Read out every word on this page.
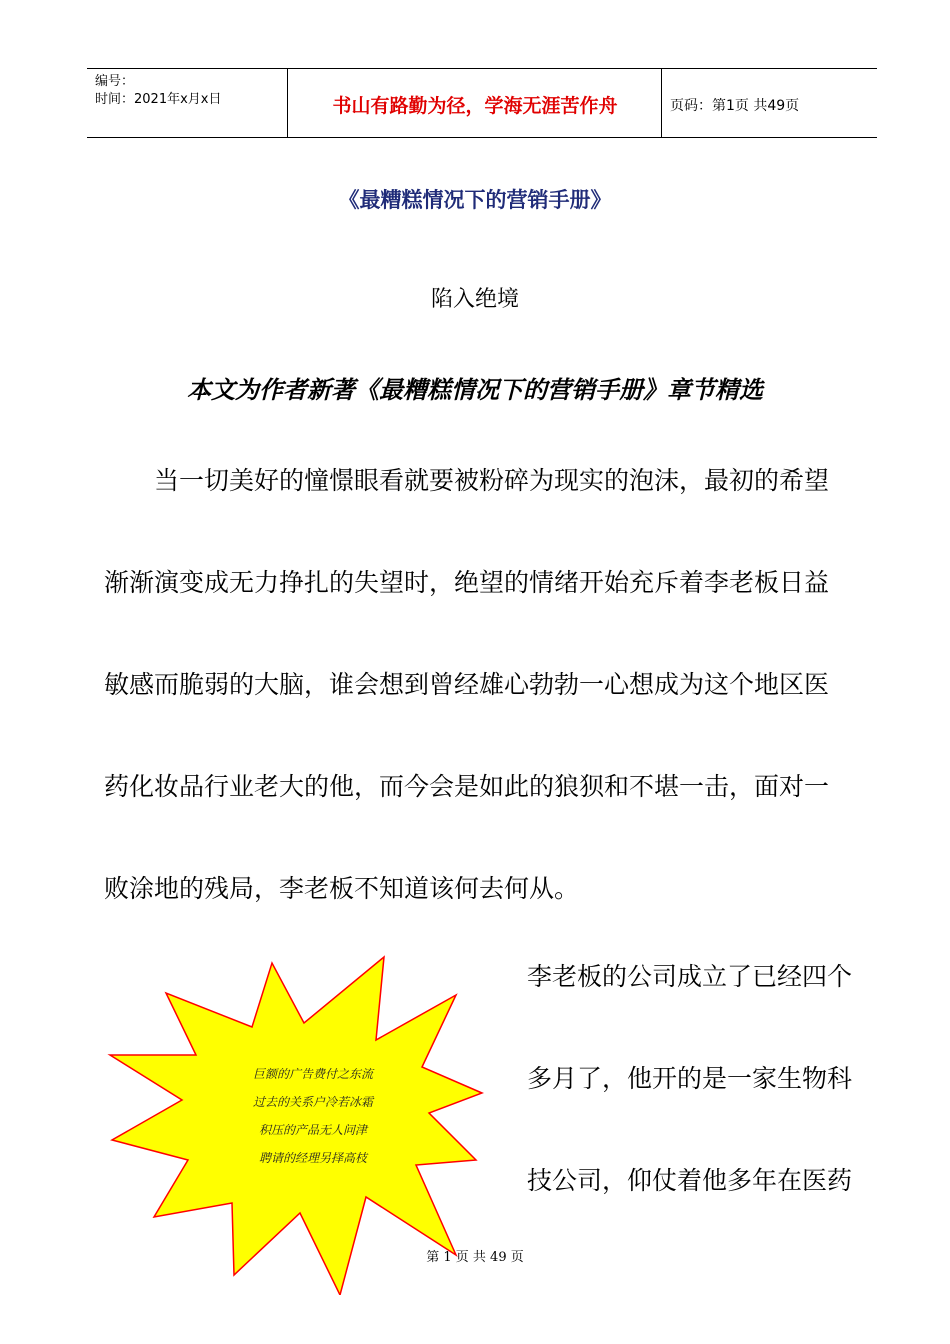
编号：
时间：2021年x月x日	书山有路勤为径，学海无涯苦作舟	页码：第1页 共49页
《最糟糕情况下的营销手册》
陷入绝境
本文为作者新著《最糟糕情况下的营销手册》章节精选
当一切美好的憧憬眼看就要被粉碎为现实的泡沫，最初的希望
渐渐演变成无力挣扎的失望时，绝望的情绪开始充斥着李老板日益
敏感而脆弱的大脑，谁会想到曾经雄心勃勃一心想成为这个地区医
药化妆品行业老大的他，而今会是如此的狼狈和不堪一击，面对一
败涂地的残局，李老板不知道该何去何从。
巨额的广告费付之东流
过去的关系户冷若冰霜
积压的产品无人问津
聘请的经理另择高枝
李老板的公司成立了已经四个
多月了，他开的是一家生物科
技公司，仰仗着他多年在医药
第 1 页 共 49 页
